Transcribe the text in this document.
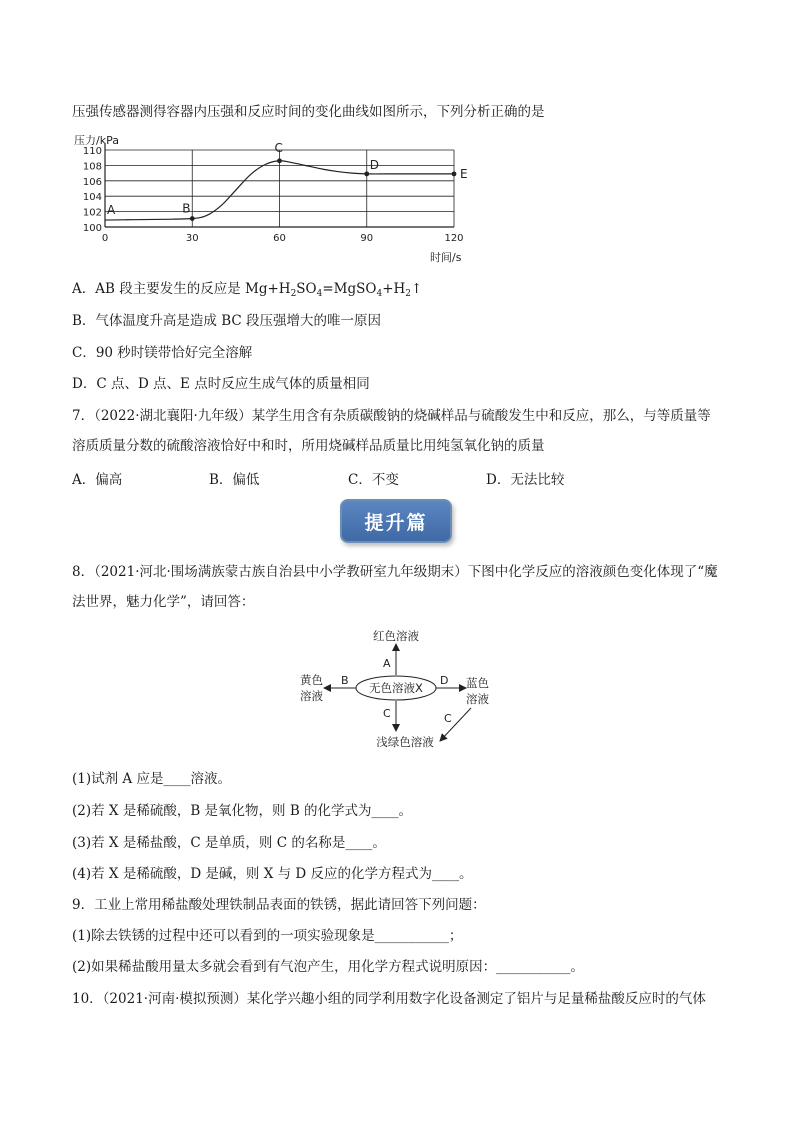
压强传感器测得容器内压强和反应时间的变化曲线如图所示，下列分析正确的是
100
102
104
106
108
110
0	30	60	90	120
A	B
C
D
E
压力/kPa
时间/s
A．AB 段主要发生的反应是 $Mg+H_2SO_4=MgSO_4+H_2↑$
B．气体温度升高是造成 BC 段压强增大的唯一原因
C．90 秒时镁带恰好完全溶解
D．C 点、D 点、E 点时反应生成气体的质量相同
7．（2022·湖北襄阳·九年级）某学生用含有杂质碳酸钠的烧碱样品与硫酸发生中和反应，那么，与等质量等
溶质质量分数的硫酸溶液恰好中和时，所用烧碱样品质量比用纯氢氧化钠的质量
A．偏高	B．偏低	C．不变	D．无法比较
提升篇
8．（2021·河北·围场满族蒙古族自治县中小学教研室九年级期末）下图中化学反应的溶液颜色变化体现了“魔
法世界，魅力化学”，请回答：
无色溶液X
红色溶液
黄色
溶液
蓝色
溶液
浅绿色溶液
A
B	D
C	C
(1)试剂 A 应是____溶液。
(2)若 X 是稀硫酸，B 是氧化物，则 B 的化学式为____。
(3)若 X 是稀盐酸，C 是单质，则 C 的名称是____。
(4)若 X 是稀硫酸，D 是碱，则 X 与 D 反应的化学方程式为____。
9．工业上常用稀盐酸处理铁制品表面的铁锈，据此请回答下列问题：
(1)除去铁锈的过程中还可以看到的一项实验现象是___________；
(2)如果稀盐酸用量太多就会看到有气泡产生，用化学方程式说明原因：___________。
10．（2021·河南·模拟预测）某化学兴趣小组的同学利用数字化设备测定了铝片与足量稀盐酸反应时的气体
